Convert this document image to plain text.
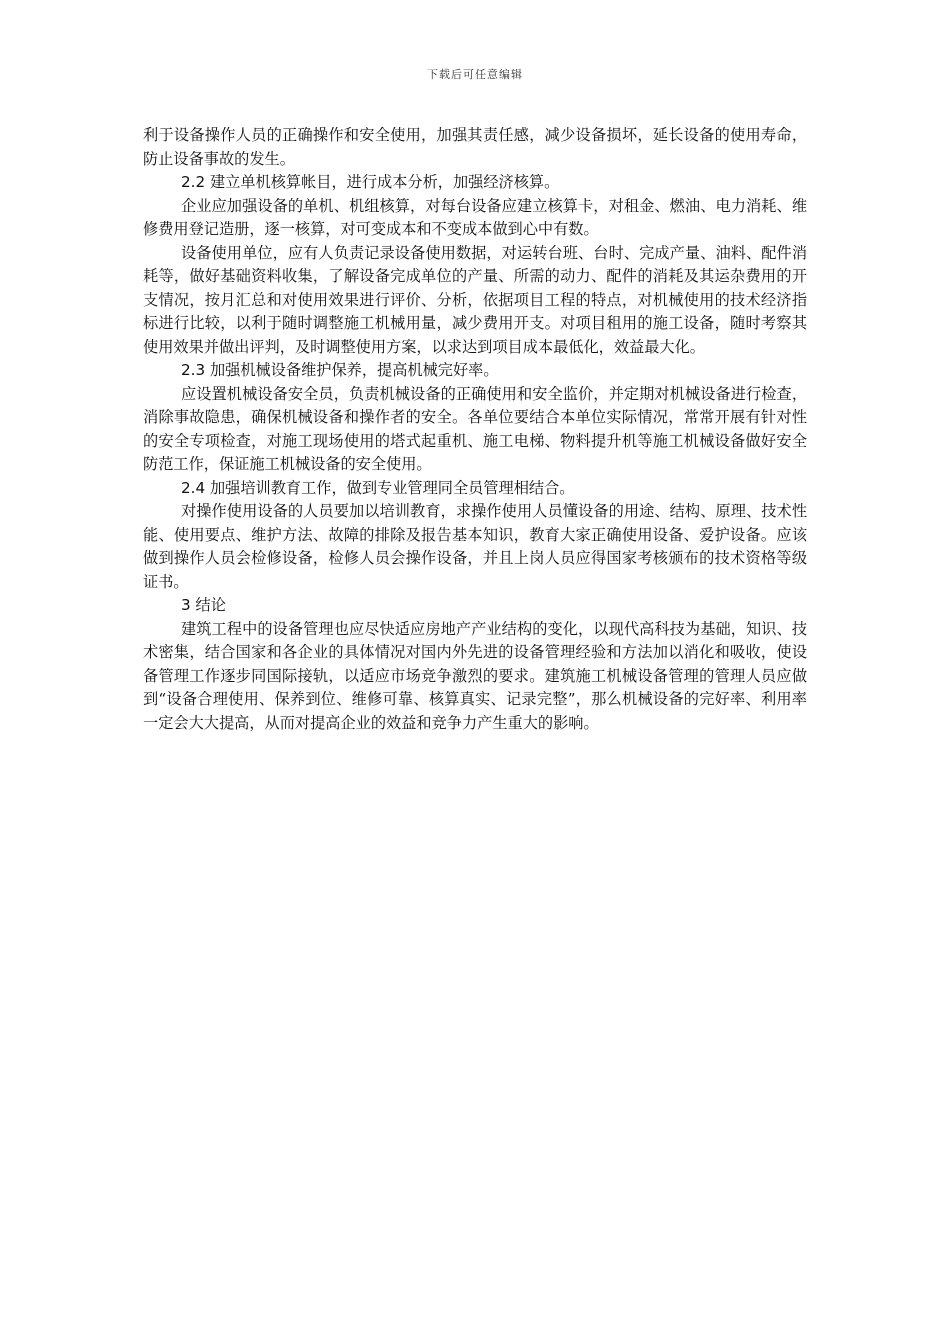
下载后可任意编辑

利于设备操作人员的正确操作和安全使用，加强其责任感，减少设备损坏，延长设备的使用寿命，防止设备事故的发生。

2.2 建立单机核算帐目，进行成本分析，加强经济核算。

企业应加强设备的单机、机组核算，对每台设备应建立核算卡，对租金、燃油、电力消耗、维修费用登记造册，逐一核算，对可变成本和不变成本做到心中有数。

设备使用单位，应有人负责记录设备使用数据，对运转台班、台时、完成产量、油料、配件消耗等，做好基础资料收集，了解设备完成单位的产量、所需的动力、配件的消耗及其运杂费用的开支情况，按月汇总和对使用效果进行评价、分析，依据项目工程的特点，对机械使用的技术经济指标进行比较，以利于随时调整施工机械用量，减少费用开支。对项目租用的施工设备，随时考察其使用效果并做出评判，及时调整使用方案，以求达到项目成本最低化，效益最大化。

2.3 加强机械设备维护保养，提高机械完好率。

应设置机械设备安全员，负责机械设备的正确使用和安全监价，并定期对机械设备进行检查，消除事故隐患，确保机械设备和操作者的安全。各单位要结合本单位实际情况，常常开展有针对性的安全专项检查，对施工现场使用的塔式起重机、施工电梯、物料提升机等施工机械设备做好安全防范工作，保证施工机械设备的安全使用。

2.4 加强培训教育工作，做到专业管理同全员管理相结合。

对操作使用设备的人员要加以培训教育，求操作使用人员懂设备的用途、结构、原理、技术性能、使用要点、维护方法、故障的排除及报告基本知识，教育大家正确使用设备、爱护设备。应该做到操作人员会检修设备，检修人员会操作设备，并且上岗人员应得国家考核颁布的技术资格等级证书。

3 结论

建筑工程中的设备管理也应尽快适应房地产产业结构的变化，以现代高科技为基础，知识、技术密集，结合国家和各企业的具体情况对国内外先进的设备管理经验和方法加以消化和吸收，使设备管理工作逐步同国际接轨，以适应市场竞争激烈的要求。建筑施工机械设备管理的管理人员应做到“设备合理使用、保养到位、维修可靠、核算真实、记录完整”，那么机械设备的完好率、利用率一定会大大提高，从而对提高企业的效益和竞争力产生重大的影响。
